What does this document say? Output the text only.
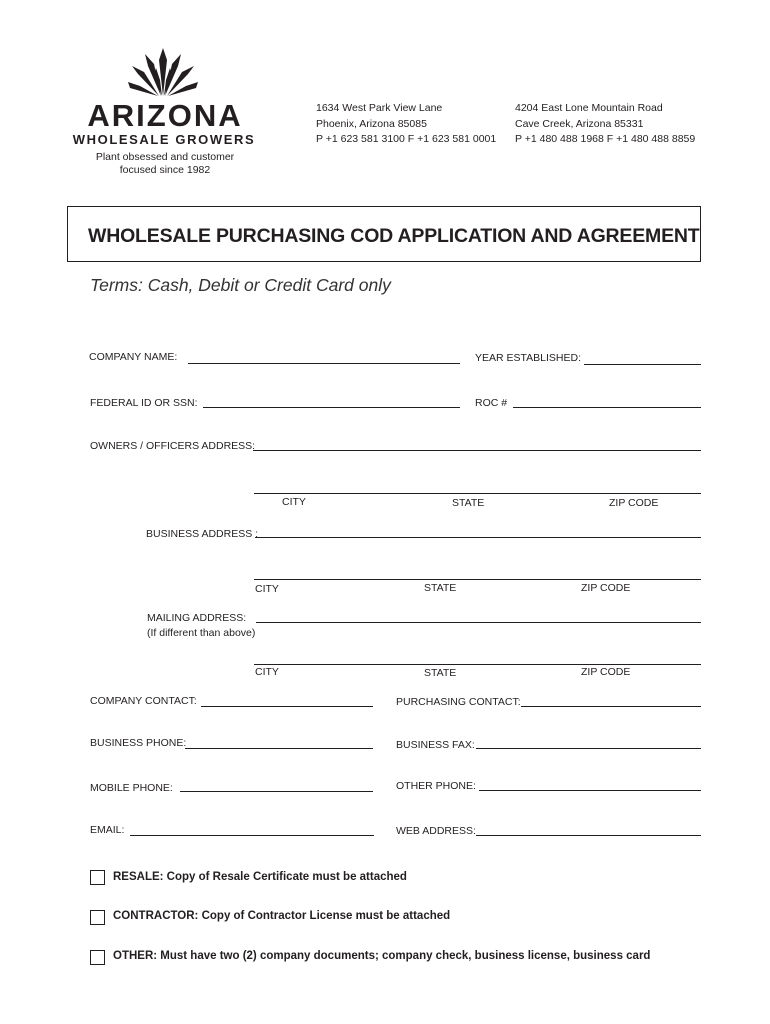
ARIZONA
WHOLESALE GROWERS
Plant obsessed and customer
focused since 1982
1634 West Park View Lane
Phoenix, Arizona 85085
P +1 623 581 3100 F +1 623 581 0001
4204 East Lone Mountain Road
Cave Creek, Arizona 85331
P +1 480 488 1968 F +1 480 488 8859
WHOLESALE PURCHASING COD APPLICATION AND AGREEMENT
Terms: Cash, Debit or Credit Card only
COMPANY NAME:	YEAR ESTABLISHED:
FEDERAL ID OR SSN:	ROC #
OWNERS / OFFICERS ADDRESS:
CITY	STATE	ZIP CODE
BUSINESS ADDRESS :
CITY	STATE	ZIP CODE
MAILING ADDRESS:
(If different than above)
CITY	STATE	ZIP CODE
COMPANY CONTACT:	PURCHASING CONTACT:
BUSINESS PHONE:	BUSINESS FAX:
MOBILE PHONE:	OTHER PHONE:
EMAIL:	WEB ADDRESS:
RESALE: Copy of Resale Certificate must be attached
CONTRACTOR: Copy of Contractor License must be attached
OTHER: Must have two (2) company documents; company check, business license, business card
